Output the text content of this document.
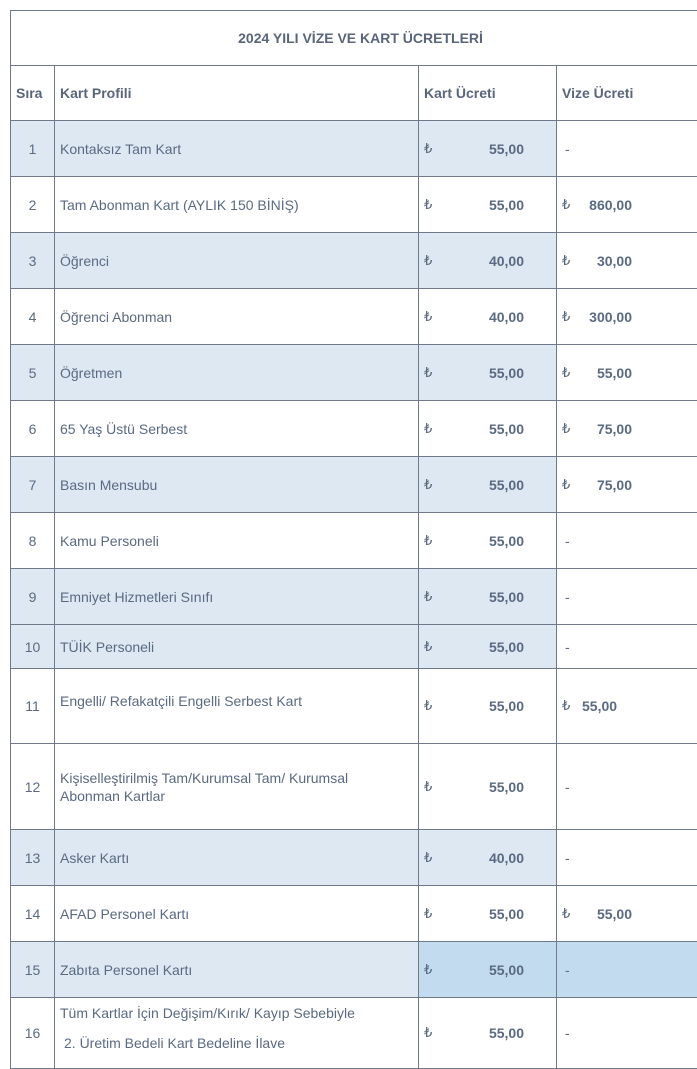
2024 YILI VİZE VE KART ÜCRETLERİ			
Sıra	Kart Profili	Kart Ücreti	Vize Ücreti
1	Kontaksız Tam Kart	₺ 55,00	-
2	Tam Abonman Kart (AYLIK 150 BİNİŞ)	₺ 55,00	₺ 860,00

3	Öğrenci	₺ 40,00	₺ 30,00

4	Öğrenci Abonman	₺ 40,00	₺ 300,00

5	Öğretmen	₺ 55,00	₺ 55,00

6	65 Yaş Üstü Serbest	₺ 55,00	₺ 75,00

7	Basın Mensubu	₺ 55,00	₺ 75,00

8	Kamu Personeli	₺ 55,00	-
9	Emniyet Hizmetleri Sınıfı	₺ 55,00	-
10	TÜİK Personeli	₺ 55,00	-
11	Engelli/ Refakatçili Engelli Serbest Kart	₺ 55,00	₺ 55,00

12	Kişiselleştirilmiş Tam/Kurumsal Tam/ Kurumsal Abonman Kartlar	₺ 55,00	-
13	Asker Kartı	₺ 40,00	-
14	AFAD Personel Kartı	₺ 55,00	₺ 55,00

15	Zabıta Personel Kartı	₺ 55,00	-
16	Tüm Kartlar İçin Değişim/Kırık/ Kayıp Sebebiyle
2. Üretim Bedeli Kart Bedeline İlave	₺ 55,00	-
